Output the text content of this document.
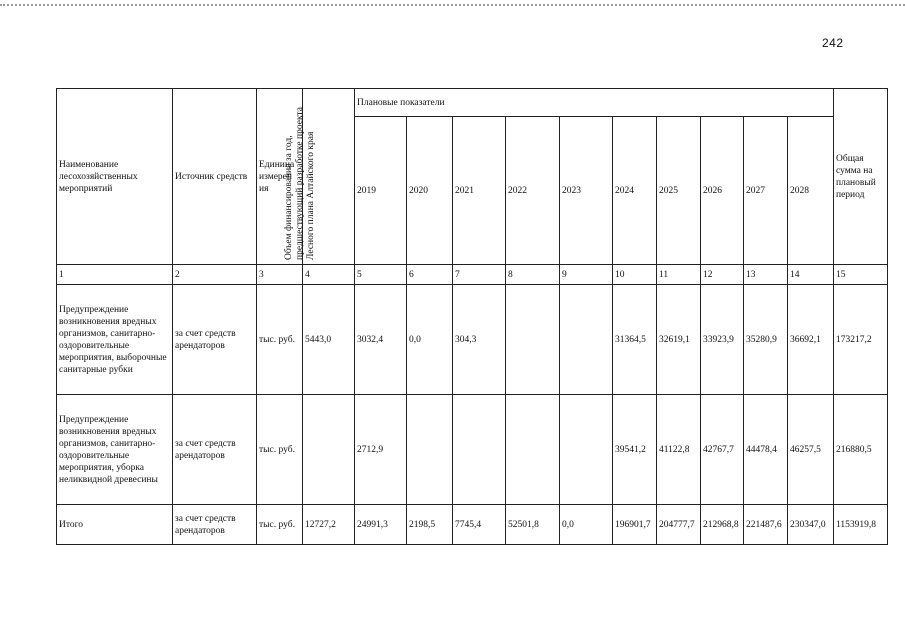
242
Наименование лесохозяйственных мероприятий	Источник средств	Единица измерен ия	Объем финансирования за год, предшествующий разработке проекта Лесного плана Алтайского края	Плановые показатели										Общая сумма на плановый период
				2019	2020	2021	2022	2023	2024	2025	2026	2027	2028	
1	2	3	4	5	6	7	8	9	10	11	12	13	14	15
Предупреждение возникновения вредных организмов, санитарно-оздоровительные мероприятия, выборочные санитарные рубки	за счет средств арендаторов	тыс. руб.	5443,0	3032,4	0,0	304,3			31364,5	32619,1	33923,9	35280,9	36692,1	173217,2
Предупреждение возникновения вредных организмов, санитарно-оздоровительные мероприятия, уборка неликвидной древесины	за счет средств арендаторов	тыс. руб.		2712,9					39541,2	41122,8	42767,7	44478,4	46257,5	216880,5
Итого	за счет средств арендаторов	тыс. руб.	12727,2	24991,3	2198,5	7745,4	52501,8	0,0	196901,7	204777,7	212968,8	221487,6	230347,0	1153919,8
